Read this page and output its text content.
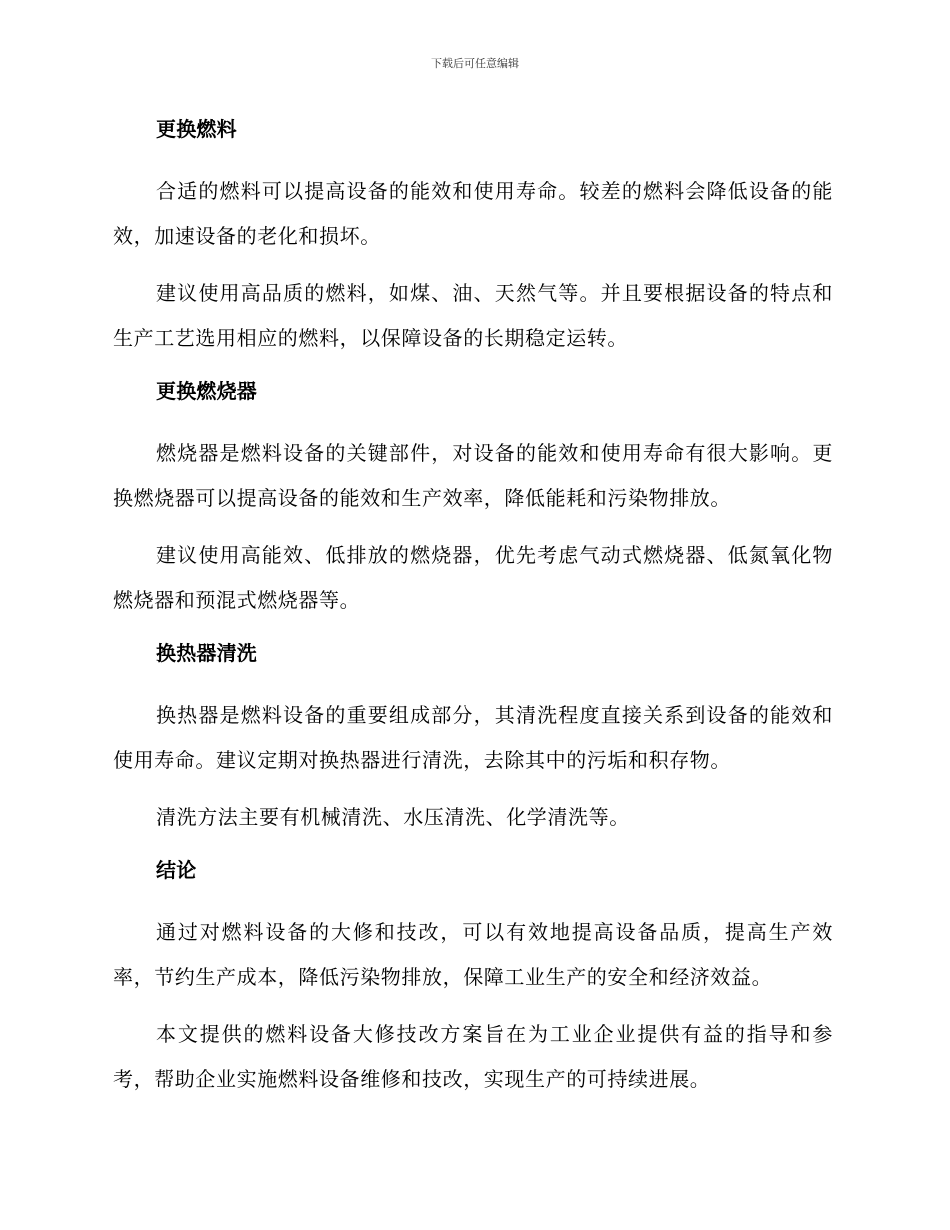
下载后可任意编辑
更换燃料

合适的燃料可以提高设备的能效和使用寿命。较差的燃料会降低设备的能效，加速设备的老化和损坏。

建议使用高品质的燃料，如煤、油、天然气等。并且要根据设备的特点和生产工艺选用相应的燃料，以保障设备的长期稳定运转。

更换燃烧器

燃烧器是燃料设备的关键部件，对设备的能效和使用寿命有很大影响。更换燃烧器可以提高设备的能效和生产效率，降低能耗和污染物排放。

建议使用高能效、低排放的燃烧器，优先考虑气动式燃烧器、低氮氧化物燃烧器和预混式燃烧器等。

换热器清洗

换热器是燃料设备的重要组成部分，其清洗程度直接关系到设备的能效和使用寿命。建议定期对换热器进行清洗，去除其中的污垢和积存物。

清洗方法主要有机械清洗、水压清洗、化学清洗等。

结论

通过对燃料设备的大修和技改，可以有效地提高设备品质，提高生产效率，节约生产成本，降低污染物排放，保障工业生产的安全和经济效益。

本文提供的燃料设备大修技改方案旨在为工业企业提供有益的指导和参考，帮助企业实施燃料设备维修和技改，实现生产的可持续进展。
